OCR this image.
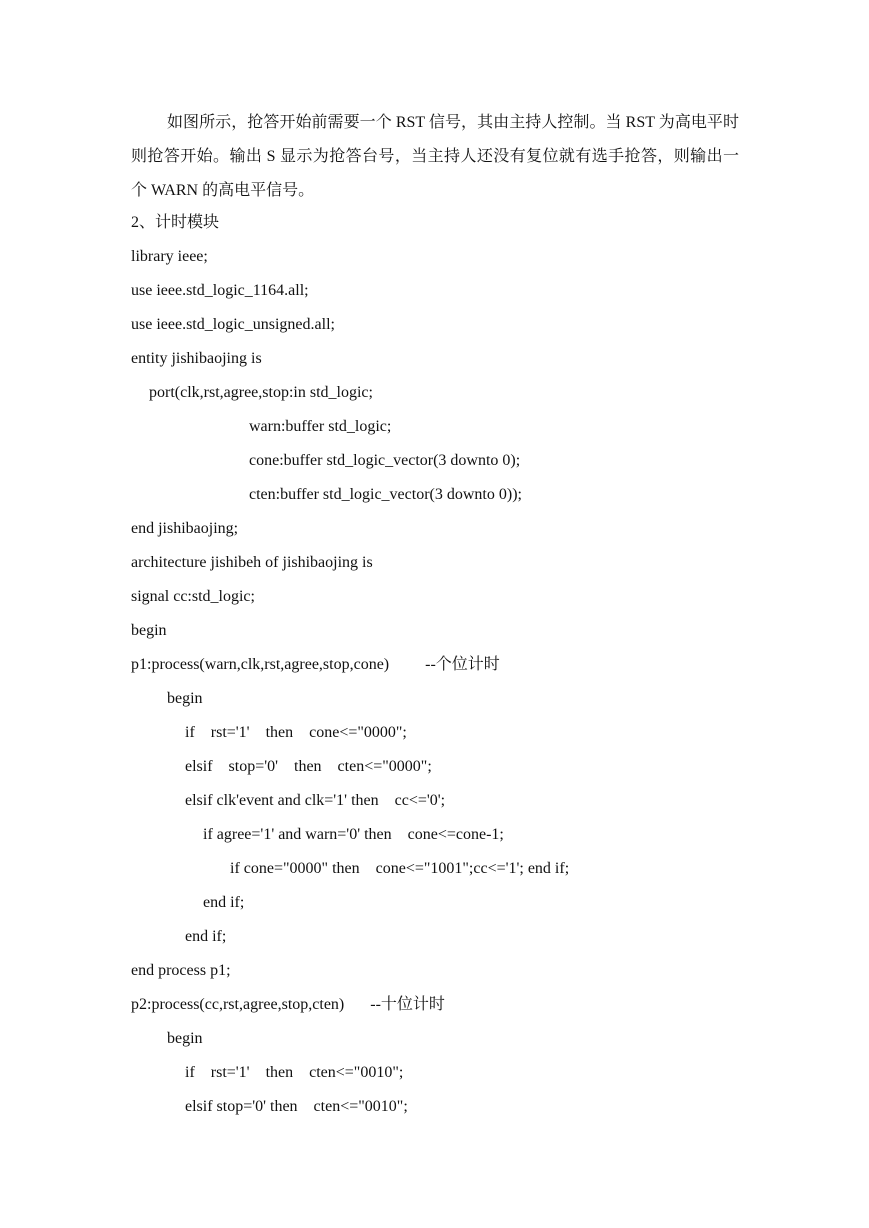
如图所示，抢答开始前需要一个 RST 信号，其由主持人控制。当 RST 为高电平时则抢答开始。输出 S 显示为抢答台号，当主持人还没有复位就有选手抢答，则输出一个 WARN 的高电平信号。

2、计时模块
library ieee;
use ieee.std_logic_1164.all;
use ieee.std_logic_unsigned.all;
entity jishibaojing is
port(clk,rst,agree,stop:in std_logic;
warn:buffer std_logic;
cone:buffer std_logic_vector(3 downto 0);
cten:buffer std_logic_vector(3 downto 0));
end jishibaojing;
architecture jishibeh of jishibaojing is
signal cc:std_logic;
begin
p1:process(warn,clk,rst,agree,stop,cone) --个位计时
begin
if    rst='1'    then    cone<="0000";
elsif    stop='0'    then    cten<="0000";
elsif clk'event and clk='1' then    cc<='0';
if agree='1' and warn='0' then    cone<=cone-1;
if cone="0000" then    cone<="1001";cc<='1'; end if;
end if;
end if;
end process p1;
p2:process(cc,rst,agree,stop,cten) --十位计时
begin
if    rst='1'    then    cten<="0010";
elsif stop='0' then    cten<="0010";
